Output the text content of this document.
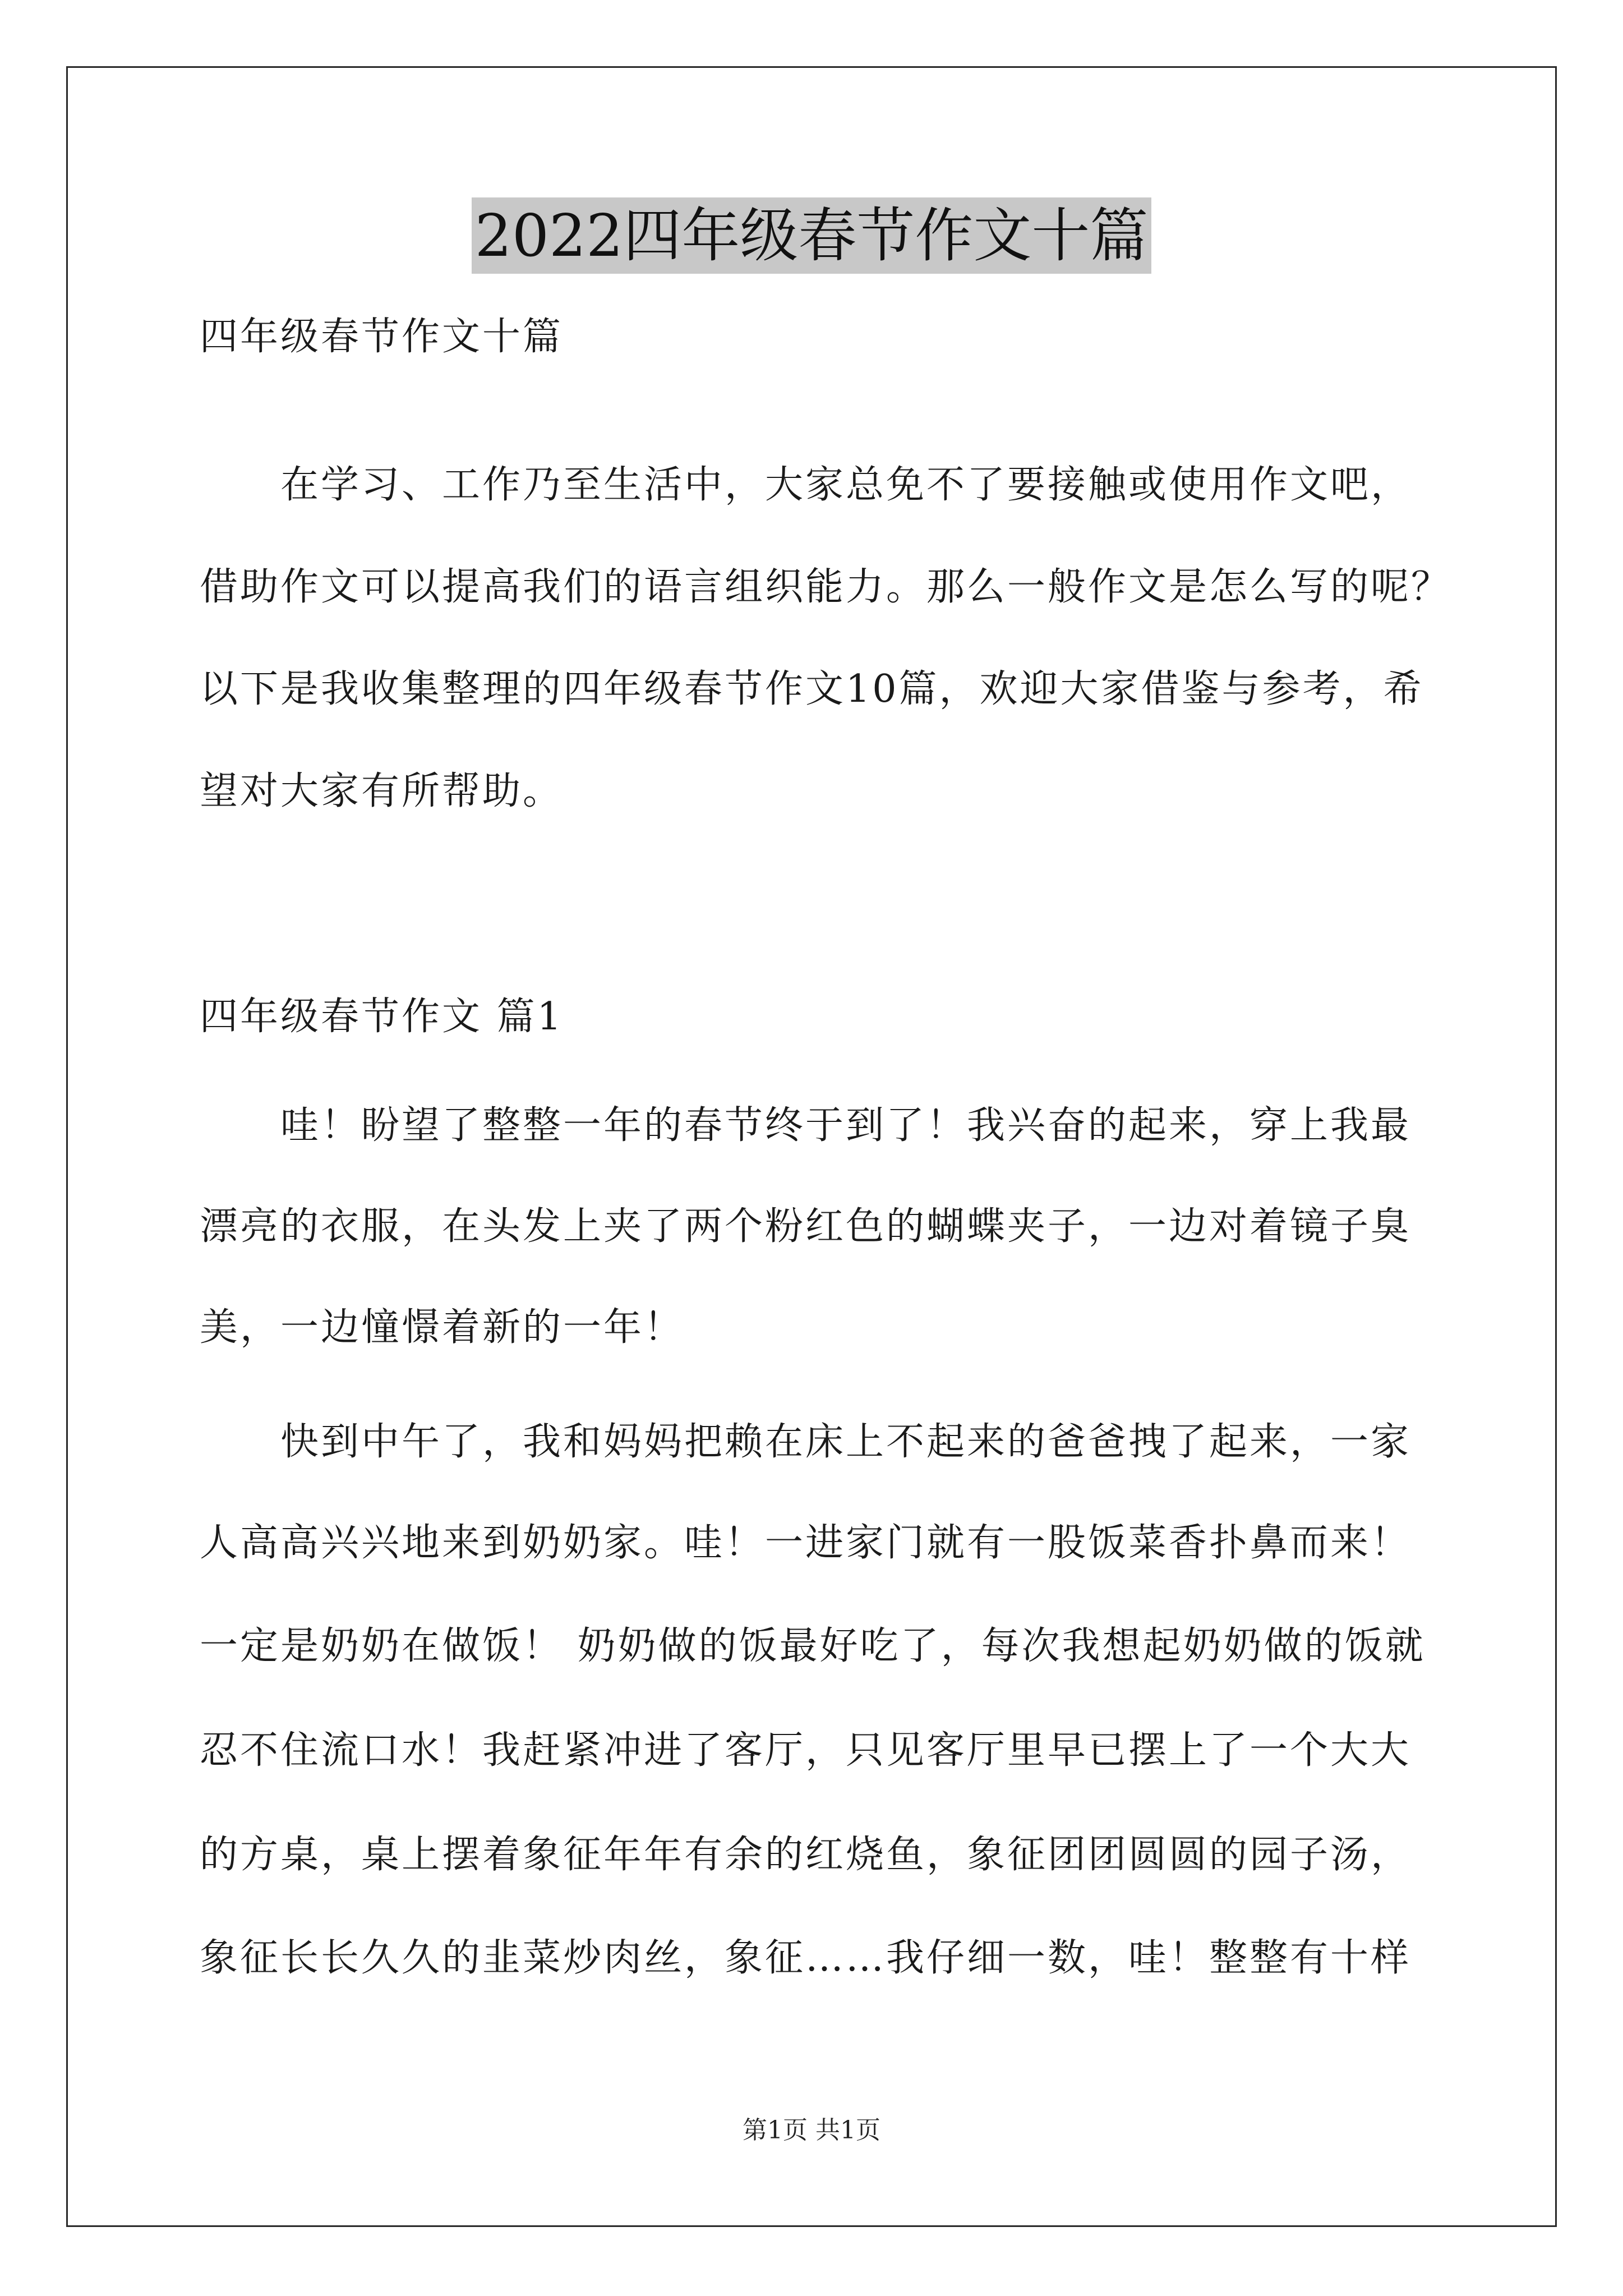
2022四年级春节作文十篇
四年级春节作文十篇
在学习、工作乃至生活中，大家总免不了要接触或使用作文吧，
借助作文可以提高我们的语言组织能力。那么一般作文是怎么写的呢？
以下是我收集整理的四年级春节作文10篇，欢迎大家借鉴与参考，希
望对大家有所帮助。
四年级春节作文 篇1
哇！盼望了整整一年的春节终于到了！我兴奋的起来，穿上我最
漂亮的衣服，在头发上夹了两个粉红色的蝴蝶夹子，一边对着镜子臭
美，一边憧憬着新的一年！
快到中午了，我和妈妈把赖在床上不起来的爸爸拽了起来，一家
人高高兴兴地来到奶奶家。哇！一进家门就有一股饭菜香扑鼻而来！
一定是奶奶在做饭！ 奶奶做的饭最好吃了，每次我想起奶奶做的饭就
忍不住流口水！我赶紧冲进了客厅，只见客厅里早已摆上了一个大大
的方桌，桌上摆着象征年年有余的红烧鱼，象征团团圆圆的园子汤，
象征长长久久的韭菜炒肉丝，象征……我仔细一数，哇！整整有十样
第1页 共1页
